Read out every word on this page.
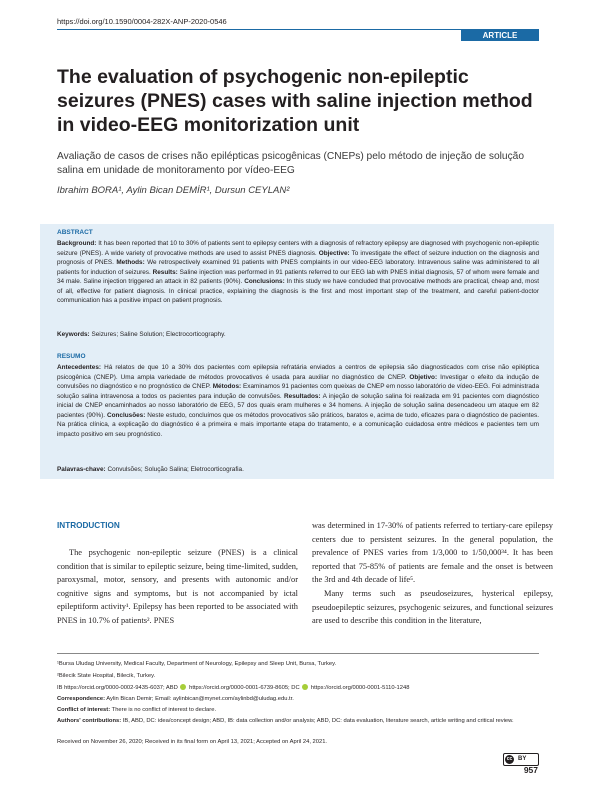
https://doi.org/10.1590/0004-282X-ANP-2020-0546
ARTICLE
The evaluation of psychogenic non-epileptic seizures (PNES) cases with saline injection method in video-EEG monitorization unit
Avaliação de casos de crises não epilépticas psicogênicas (CNEPs) pelo método de injeção de solução salina em unidade de monitoramento por vídeo-EEG
Ibrahim BORA¹, Aylin Bican DEMİR¹, Dursun CEYLAN²
ABSTRACT
Background: It has been reported that 10 to 30% of patients sent to epilepsy centers with a diagnosis of refractory epilepsy are diagnosed with psychogenic non-epileptic seizure (PNES). A wide variety of provocative methods are used to assist PNES diagnosis. Objective: To investigate the effect of seizure induction on the diagnosis and prognosis of PNES. Methods: We retrospectively examined 91 patients with PNES complaints in our video-EEG laboratory. Intravenous saline was administered to all patients for induction of seizures. Results: Saline injection was performed in 91 patients referred to our EEG lab with PNES initial diagnosis, 57 of whom were female and 34 male. Saline injection triggered an attack in 82 patients (90%). Conclusions: In this study we have concluded that provocative methods are practical, cheap and, most of all, effective for patient diagnosis. In clinical practice, explaining the diagnosis is the first and most important step of the treatment, and careful patient-doctor communication has a positive impact on patient prognosis.
Keywords: Seizures; Saline Solution; Electrocorticography.
RESUMO
Antecedentes: Há relatos de que 10 a 30% dos pacientes com epilepsia refratária enviados a centros de epilepsia são diagnosticados com crise não epiléptica psicogênica (CNEP). Uma ampla variedade de métodos provocativos é usada para auxiliar no diagnóstico de CNEP. Objetivo: Investigar o efeito da indução de convulsões no diagnóstico e no prognóstico de CNEP. Métodos: Examinamos 91 pacientes com queixas de CNEP em nosso laboratório de vídeo-EEG. Foi administrada solução salina intravenosa a todos os pacientes para indução de convulsões. Resultados: A injeção de solução salina foi realizada em 91 pacientes com diagnóstico inicial de CNEP encaminhados ao nosso laboratório de EEG, 57 dos quais eram mulheres e 34 homens. A injeção de solução salina desencadeou um ataque em 82 pacientes (90%). Conclusões: Neste estudo, concluímos que os métodos provocativos são práticos, baratos e, acima de tudo, eficazes para o diagnóstico de pacientes. Na prática clínica, a explicação do diagnóstico é a primeira e mais importante etapa do tratamento, e a comunicação cuidadosa entre médicos e pacientes tem um impacto positivo em seu prognóstico.
Palavras-chave: Convulsões; Solução Salina; Eletrocorticografia.
INTRODUCTION
The psychogenic non-epileptic seizure (PNES) is a clinical condition that is similar to epileptic seizure, being time-limited, sudden, paroxysmal, motor, sensory, and presents with autonomic and/or cognitive signs and symptoms, but is not accompanied by ictal epileptiform activity¹. Epilepsy has been reported to be associated with PNES in 10.7% of patients². PNES
was determined in 17-30% of patients referred to tertiary-care epilepsy centers due to persistent seizures. In the general population, the prevalence of PNES varies from 1/3,000 to 1/50,000³⁴. It has been reported that 75-85% of patients are female and the onset is between the 3rd and 4th decade of life⁵.
Many terms such as pseudoseizures, hysterical epilepsy, pseudoepileptic seizures, psychogenic seizures, and functional seizures are used to describe this condition in the literature,
¹Bursa Uludag University, Medical Faculty, Department of Neurology, Epilepsy and Sleep Unit, Bursa, Turkey.
²Bilecik State Hospital, Bilecik, Turkey.
IB https://orcid.org/0000-0002-9435-6037; ABD https://orcid.org/0000-0001-6739-8605; DC https://orcid.org/0000-0001-5110-1248
Correspondence: Aylin Bican Demir; Email: aylinbican@mynet.com/aylinbd@uludag.edu.tr.
Conflict of interest: There is no conflict of interest to declare.
Authors' contributions: IB, ABD, DC: idea/concept design; ABD, IB: data collection and/or analysis; ABD, DC: data evaluation, literature search, article writing and critical review.
Received on November 26, 2020; Received in its final form on April 13, 2021; Accepted on April 24, 2021.
cc BY
957
